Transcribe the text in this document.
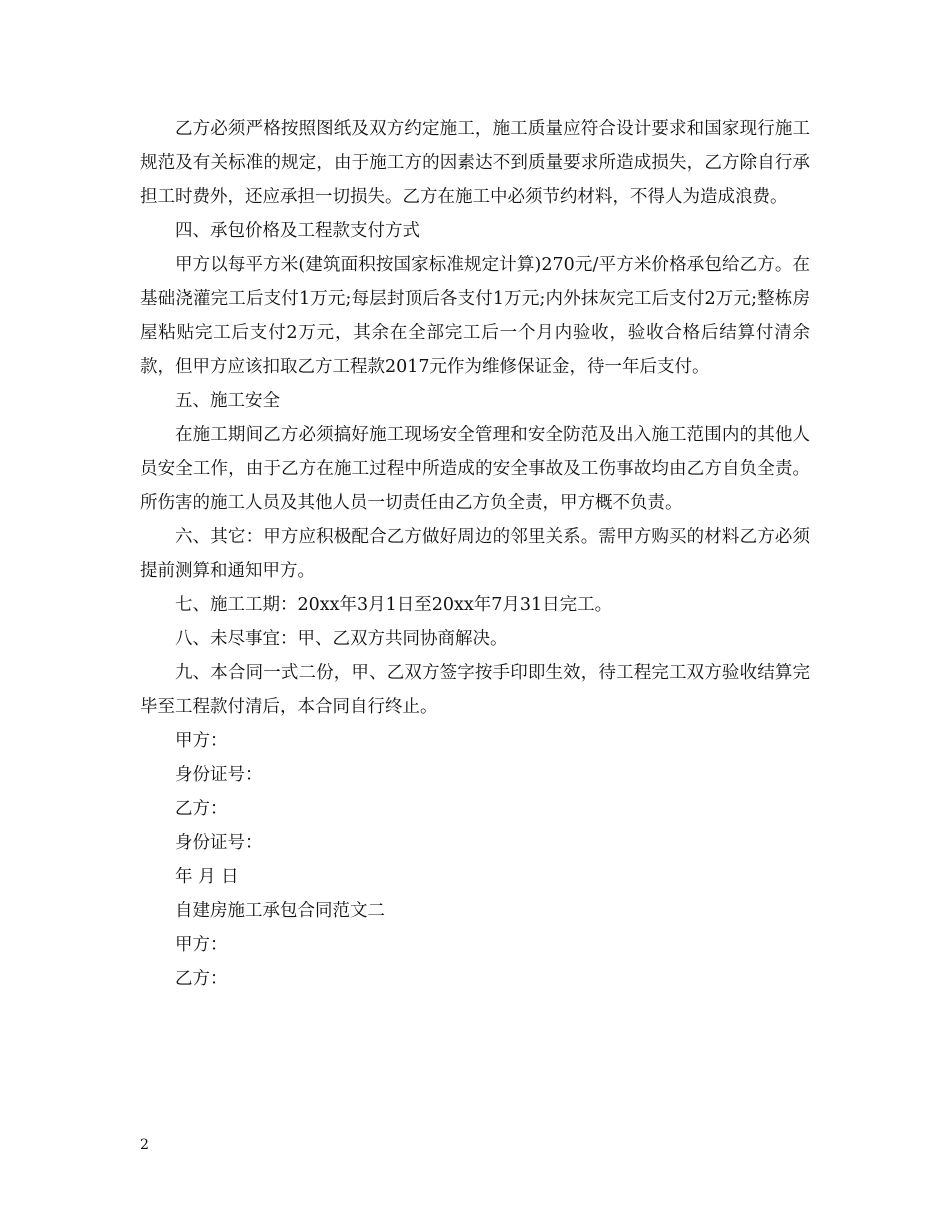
乙方必须严格按照图纸及双方约定施工，施工质量应符合设计要求和国家现行施工规范及有关标准的规定，由于施工方的因素达不到质量要求所造成损失，乙方除自行承担工时费外，还应承担一切损失。乙方在施工中必须节约材料，不得人为造成浪费。

四、承包价格及工程款支付方式

甲方以每平方米(建筑面积按国家标准规定计算)270元/平方米价格承包给乙方。在基础浇灌完工后支付1万元;每层封顶后各支付1万元;内外抹灰完工后支付2万元;整栋房屋粘贴完工后支付2万元，其余在全部完工后一个月内验收，验收合格后结算付清余款，但甲方应该扣取乙方工程款2017元作为维修保证金，待一年后支付。

五、施工安全

在施工期间乙方必须搞好施工现场安全管理和安全防范及出入施工范围内的其他人员安全工作，由于乙方在施工过程中所造成的安全事故及工伤事故均由乙方自负全责。所伤害的施工人员及其他人员一切责任由乙方负全责，甲方概不负责。

六、其它：甲方应积极配合乙方做好周边的邻里关系。需甲方购买的材料乙方必须提前测算和通知甲方。

七、施工工期：20xx年3月1日至20xx年7月31日完工。

八、未尽事宜：甲、乙双方共同协商解决。

九、本合同一式二份，甲、乙双方签字按手印即生效，待工程完工双方验收结算完毕至工程款付清后，本合同自行终止。

甲方：

身份证号：

乙方：

身份证号：

年 月 日

自建房施工承包合同范文二

甲方：

乙方：

2
